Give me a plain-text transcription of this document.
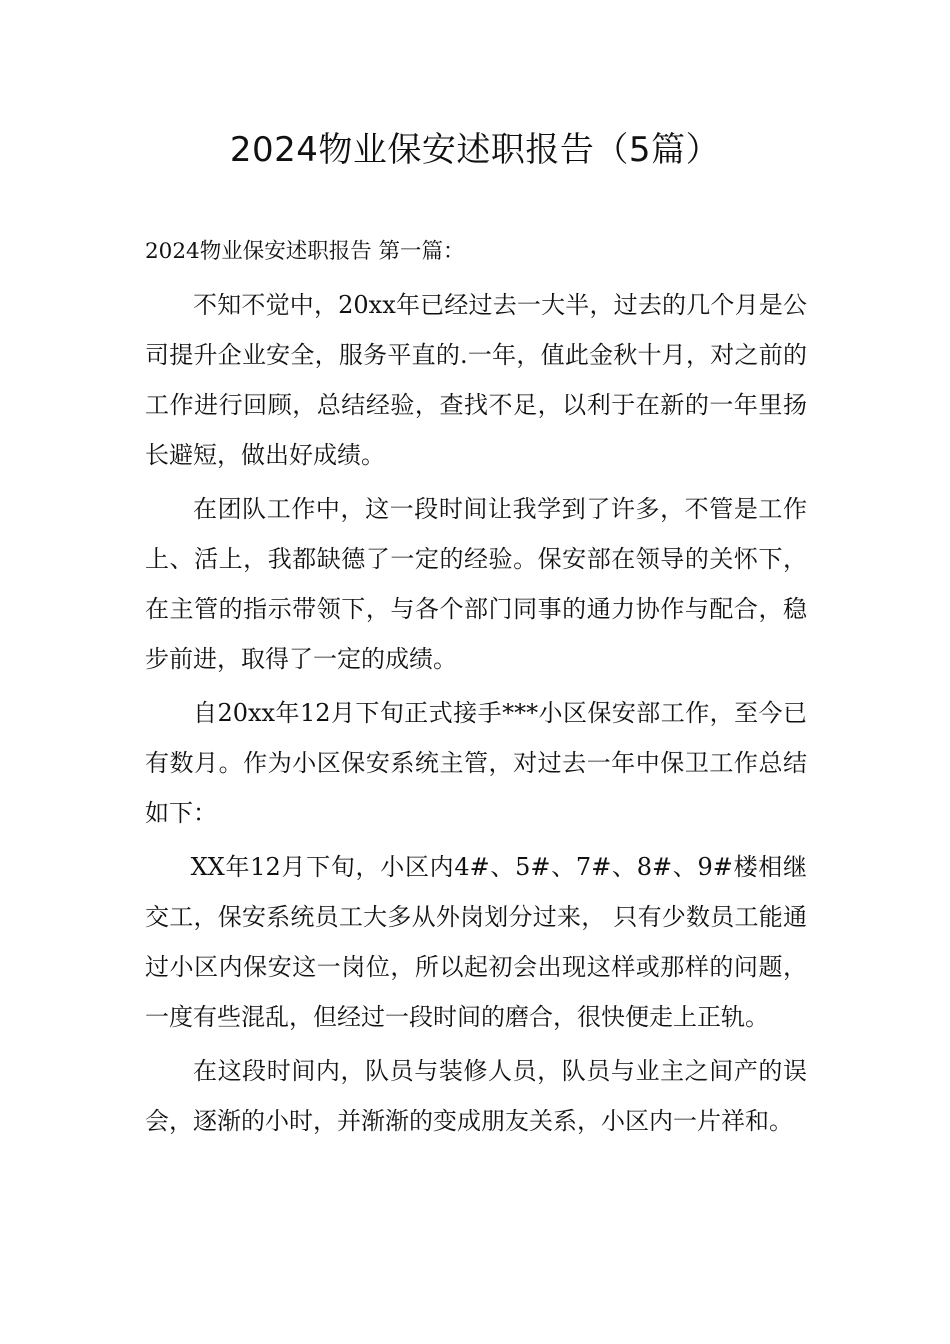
2024物业保安述职报告（5篇）

2024物业保安述职报告 第一篇：

不知不觉中，20xx年已经过去一大半，过去的几个月是公司提升企业安全，服务平直的.一年，值此金秋十月，对之前的工作进行回顾，总结经验，查找不足，以利于在新的一年里扬长避短，做出好成绩。

在团队工作中，这一段时间让我学到了许多，不管是工作上、活上，我都缺德了一定的经验。保安部在领导的关怀下，在主管的指示带领下，与各个部门同事的通力协作与配合，稳步前进，取得了一定的成绩。

自20xx年12月下旬正式接手***小区保安部工作，至今已有数月。作为小区保安系统主管，对过去一年中保卫工作总结如下：

XX年12月下旬，小区内4#、5#、7#、8#、9#楼相继交工，保安系统员工大多从外岗划分过来， 只有少数员工能通过小区内保安这一岗位，所以起初会出现这样或那样的问题，一度有些混乱，但经过一段时间的磨合，很快便走上正轨。

在这段时间内，队员与装修人员，队员与业主之间产的误会，逐渐的小时，并渐渐的变成朋友关系，小区内一片祥和。
